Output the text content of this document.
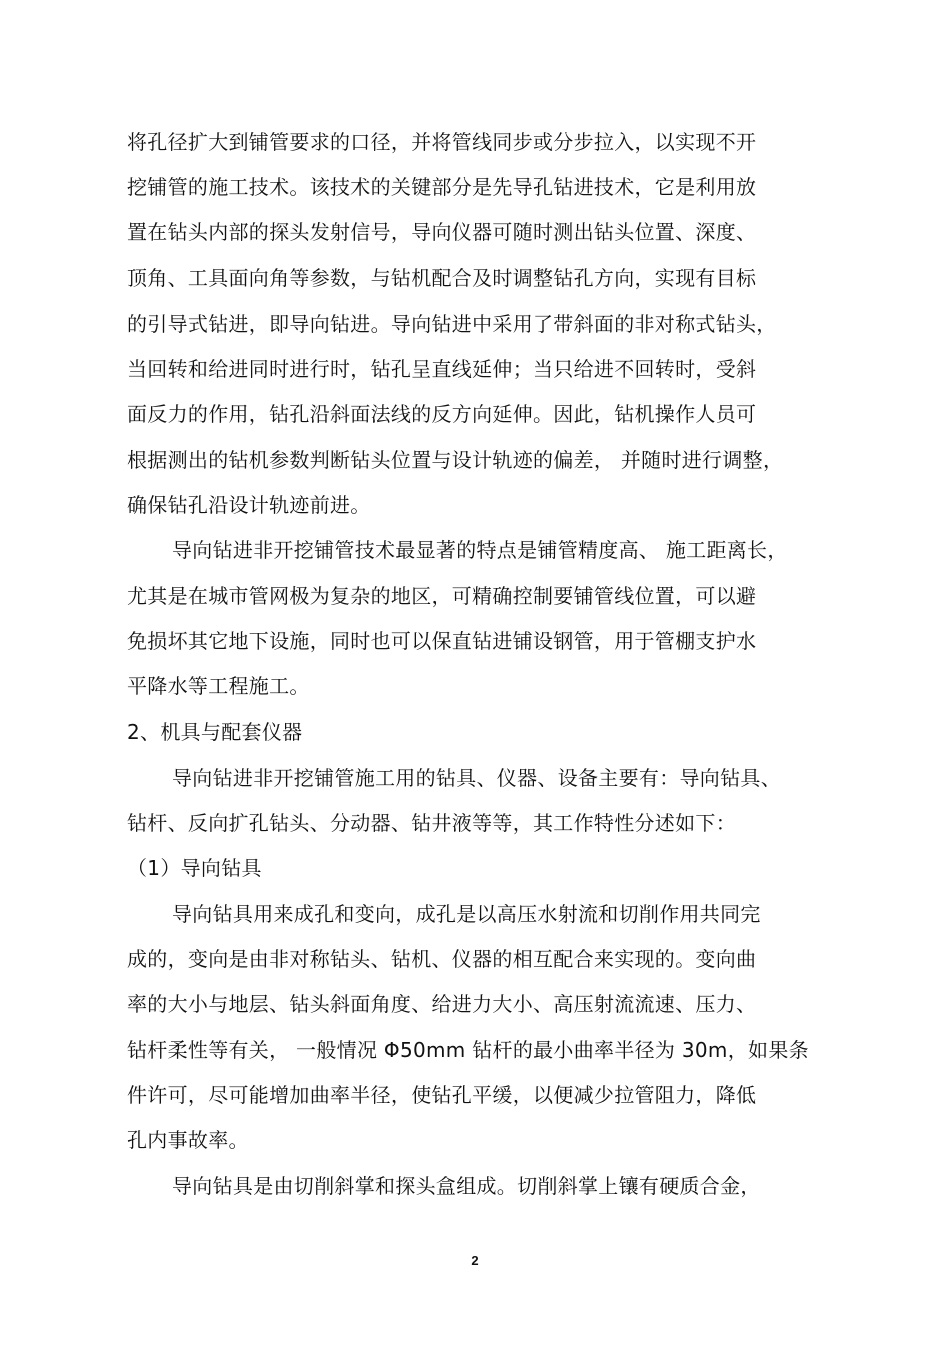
将孔径扩大到铺管要求的口径，并将管线同步或分步拉入，以实现不开
挖铺管的施工技术。该技术的关键部分是先导孔钻进技术，它是利用放
置在钻头内部的探头发射信号，导向仪器可随时测出钻头位置、深度、
顶角、工具面向角等参数，与钻机配合及时调整钻孔方向，实现有目标
的引导式钻进，即导向钻进。导向钻进中采用了带斜面的非对称式钻头，
当回转和给进同时进行时，钻孔呈直线延伸；当只给进不回转时，受斜
面反力的作用，钻孔沿斜面法线的反方向延伸。因此，钻机操作人员可
根据测出的钻机参数判断钻头位置与设计轨迹的偏差， 并随时进行调整，
确保钻孔沿设计轨迹前进。
导向钻进非开挖铺管技术最显著的特点是铺管精度高、 施工距离长，
尤其是在城市管网极为复杂的地区，可精确控制要铺管线位置，可以避
免损坏其它地下设施，同时也可以保直钻进铺设钢管，用于管棚支护水
平降水等工程施工。
2、机具与配套仪器
导向钻进非开挖铺管施工用的钻具、仪器、设备主要有：导向钻具、
钻杆、反向扩孔钻头、分动器、钻井液等等，其工作特性分述如下：
（1）导向钻具
导向钻具用来成孔和变向，成孔是以高压水射流和切削作用共同完
成的，变向是由非对称钻头、钻机、仪器的相互配合来实现的。变向曲
率的大小与地层、钻头斜面角度、给进力大小、高压射流流速、压力、
钻杆柔性等有关， 一般情况 Φ50mm 钻杆的最小曲率半径为 30m，如果条
件许可，尽可能增加曲率半径，使钻孔平缓，以便减少拉管阻力，降低
孔内事故率。
导向钻具是由切削斜掌和探头盒组成。切削斜掌上镶有硬质合金，
2
